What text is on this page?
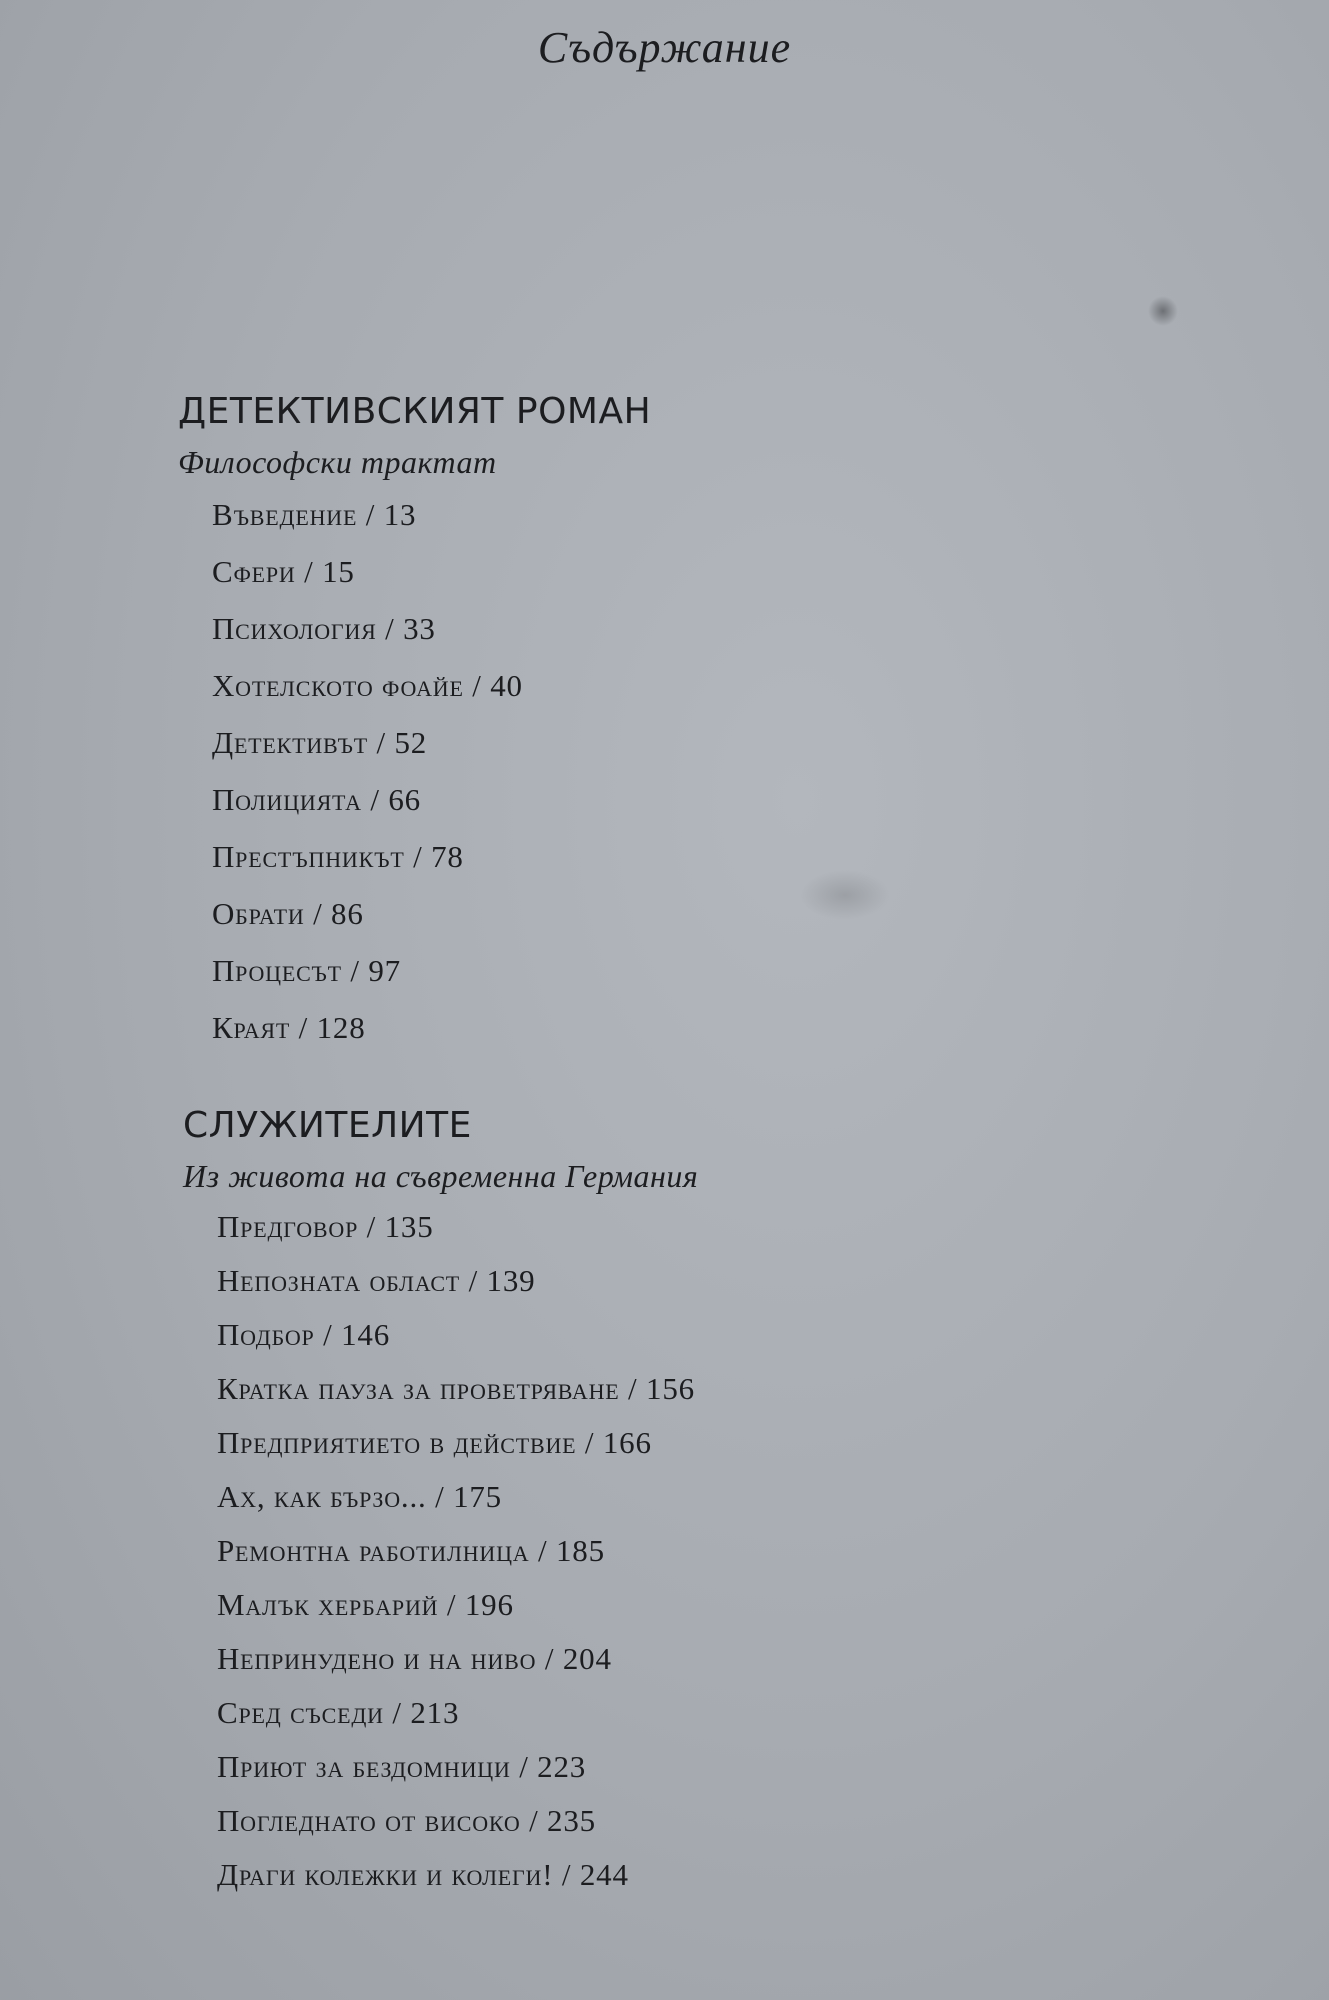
Съдържание
ДЕТЕКТИВСКИЯТ РОМАН
Философски трактат
Въведение / 13
Сфери / 15
Психология / 33
Хотелското фоайе / 40
Детективът / 52
Полицията / 66
Престъпникът / 78
Обрати / 86
Процесът / 97
Краят / 128
СЛУЖИТЕЛИТЕ
Из живота на съвременна Германия
Предговор / 135
Непозната област / 139
Подбор / 146
Кратка пауза за проветряване / 156
Предприятието в действие / 166
Ах, как бързо... / 175
Ремонтна работилница / 185
Малък хербарий / 196
Непринудено и на ниво / 204
Сред съседи / 213
Приют за бездомници / 223
Погледнато от високо / 235
Драги колежки и колеги! / 244
